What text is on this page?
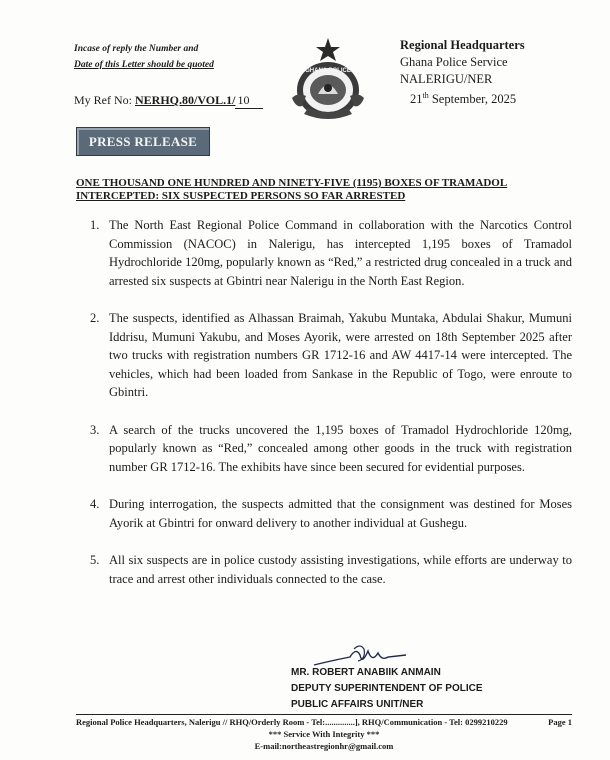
Incase of reply the Number and
Date of this Letter should be quoted
My Ref No: NERHQ.80/VOL.1/10
GHANA POLICE
Regional Headquarters
Ghana Police Service
NALERIGU/NER
21th September, 2025
PRESS RELEASE
ONE THOUSAND ONE HUNDRED AND NINETY-FIVE (1195) BOXES OF TRAMADOL INTERCEPTED: SIX SUSPECTED PERSONS SO FAR ARRESTED
1. The North East Regional Police Command in collaboration with the Narcotics Control Commission (NACOC) in Nalerigu, has intercepted 1,195 boxes of Tramadol Hydrochloride 120mg, popularly known as “Red,” a restricted drug concealed in a truck and arrested six suspects at Gbintri near Nalerigu in the North East Region.
2. The suspects, identified as Alhassan Braimah, Yakubu Muntaka, Abdulai Shakur, Mumuni Iddrisu, Mumuni Yakubu, and Moses Ayorik, were arrested on 18th September 2025 after two trucks with registration numbers GR 1712-16 and AW 4417-14 were intercepted. The vehicles, which had been loaded from Sankase in the Republic of Togo, were enroute to Gbintri.
3. A search of the trucks uncovered the 1,195 boxes of Tramadol Hydrochloride 120mg, popularly known as “Red,” concealed among other goods in the truck with registration number GR 1712-16. The exhibits have since been secured for evidential purposes.
4. During interrogation, the suspects admitted that the consignment was destined for Moses Ayorik at Gbintri for onward delivery to another individual at Gushegu.
5. All six suspects are in police custody assisting investigations, while efforts are underway to trace and arrest other individuals connected to the case.
MR. ROBERT ANABIIK ANMAIN
DEPUTY SUPERINTENDENT OF POLICE
PUBLIC AFFAIRS UNIT/NER
Regional Police Headquarters, Nalerigu // RHQ/Orderly Room - Tel:..............], RHQ/Communication - Tel: 0299210229	Page 1
*** Service With Integrity ***
E-mail:northeastregionhr@gmail.com
